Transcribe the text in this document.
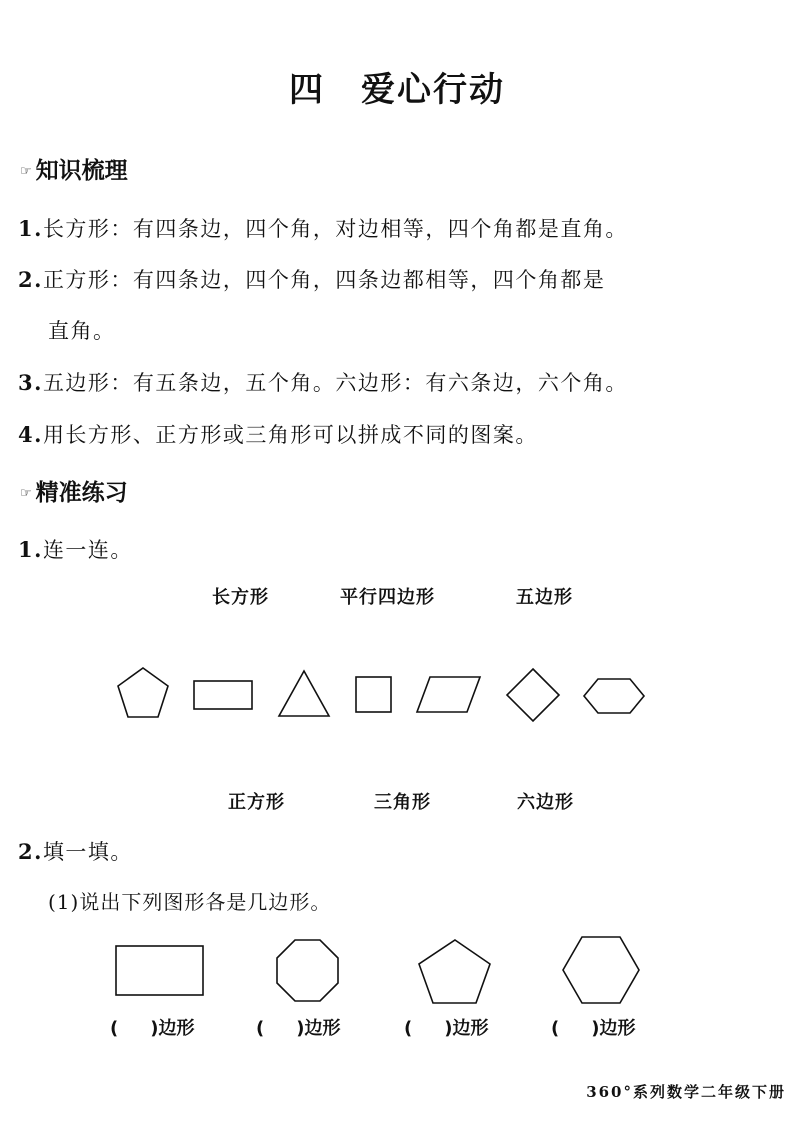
四　爱心行动
☞ 知识梳理
1.长方形：有四条边，四个角，对边相等，四个角都是直角。
2.正方形：有四条边，四个角，四条边都相等，四个角都是
直角。
3.五边形：有五条边，五个角。六边形：有六条边，六个角。
4.用长方形、正方形或三角形可以拼成不同的图案。
☞ 精准练习
1.连一连。
长方形	平行四边形	五边形
正方形	三角形	六边形
2.填一填。
(1)说出下列图形各是几边形。
( )边形	( )边形	( )边形	( )边形
360°系列数学二年级下册
